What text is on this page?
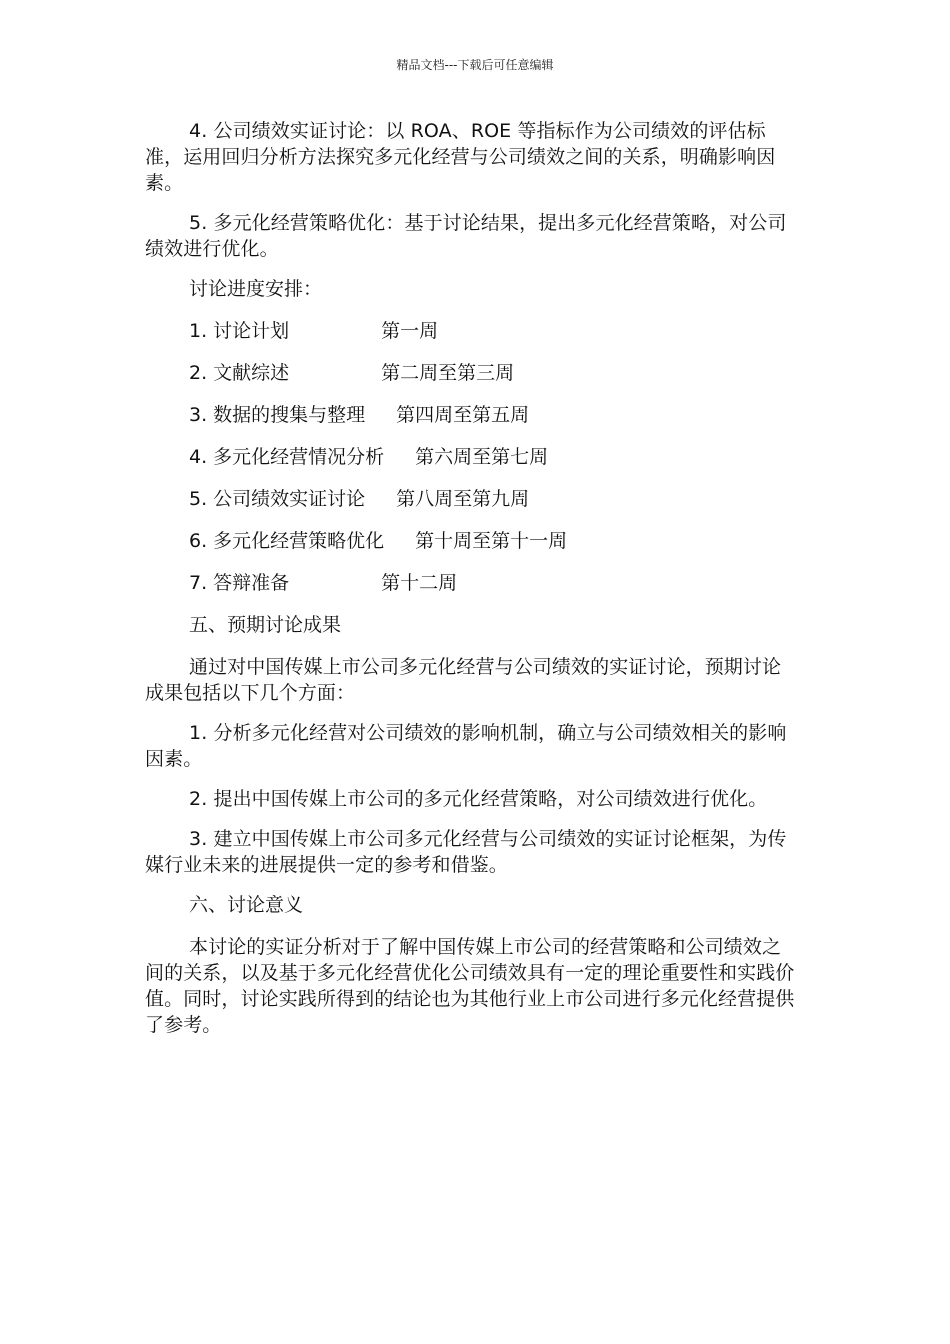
精品文档---下载后可任意编辑

4. 公司绩效实证讨论：以 ROA、ROE 等指标作为公司绩效的评估标准，运用回归分析方法探究多元化经营与公司绩效之间的关系，明确影响因素。

5. 多元化经营策略优化：基于讨论结果，提出多元化经营策略，对公司绩效进行优化。

讨论进度安排：
1. 讨论计划	第一周
2. 文献综述	第二周至第三周
3. 数据的搜集与整理 第四周至第五周
4. 多元化经营情况分析 第六周至第七周
5. 公司绩效实证讨论 第八周至第九周
6. 多元化经营策略优化 第十周至第十一周
7. 答辩准备	第十二周
五、预期讨论成果

通过对中国传媒上市公司多元化经营与公司绩效的实证讨论，预期讨论成果包括以下几个方面：

1. 分析多元化经营对公司绩效的影响机制，确立与公司绩效相关的影响因素。

2. 提出中国传媒上市公司的多元化经营策略，对公司绩效进行优化。

3. 建立中国传媒上市公司多元化经营与公司绩效的实证讨论框架，为传媒行业未来的进展提供一定的参考和借鉴。

六、讨论意义

本讨论的实证分析对于了解中国传媒上市公司的经营策略和公司绩效之间的关系，以及基于多元化经营优化公司绩效具有一定的理论重要性和实践价值。同时，讨论实践所得到的结论也为其他行业上市公司进行多元化经营提供了参考。
